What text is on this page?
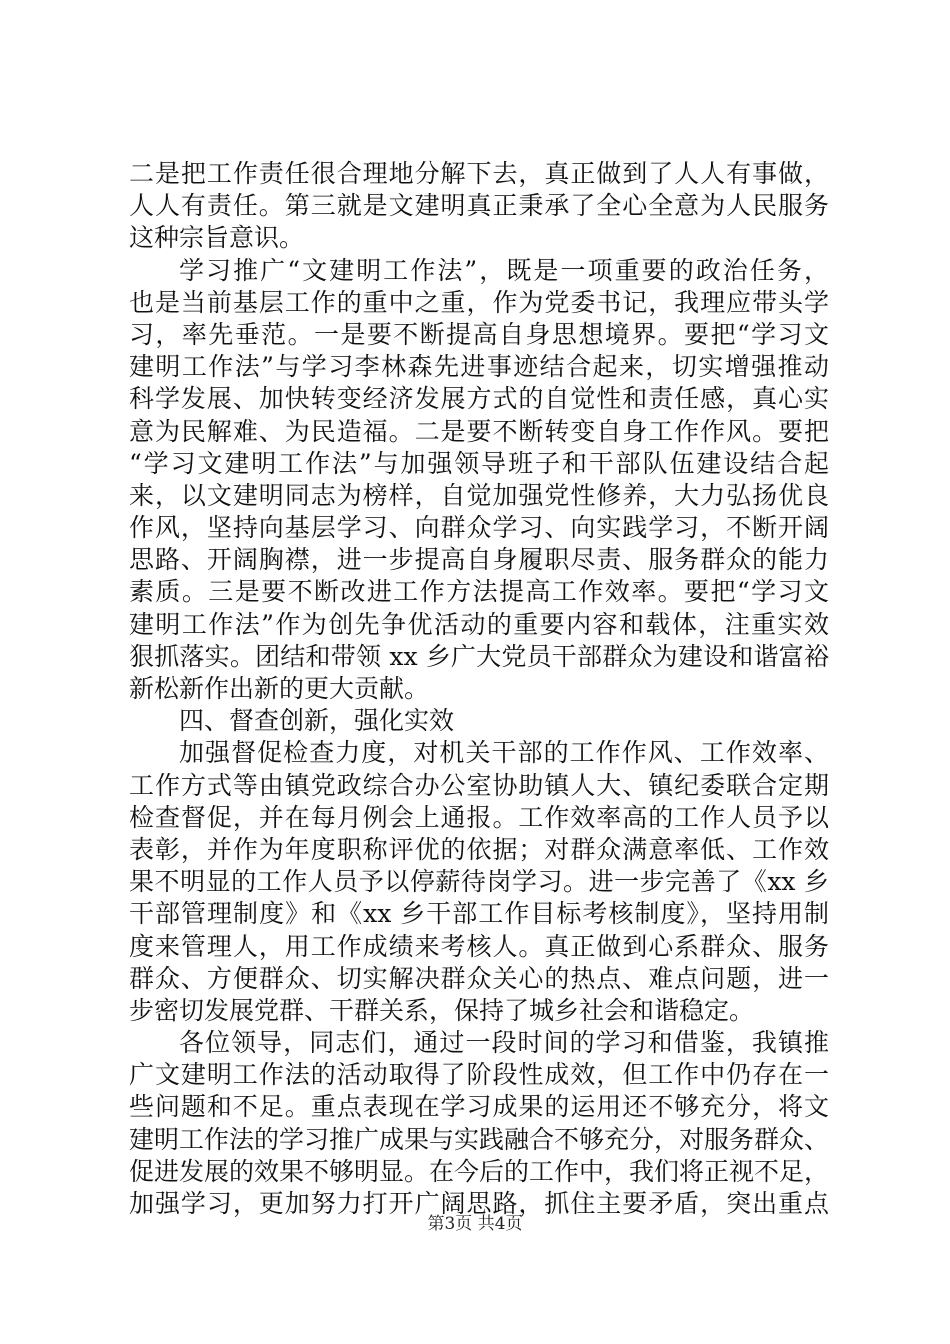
二是把工作责任很合理地分解下去，真正做到了人人有事做，
人人有责任。第三就是文建明真正秉承了全心全意为人民服务
这种宗旨意识。
学习推广“文建明工作法”，既是一项重要的政治任务，
也是当前基层工作的重中之重，作为党委书记，我理应带头学
习，率先垂范。一是要不断提高自身思想境界。要把“学习文
建明工作法”与学习李林森先进事迹结合起来，切实增强推动
科学发展、加快转变经济发展方式的自觉性和责任感，真心实
意为民解难、为民造福。二是要不断转变自身工作作风。要把
“学习文建明工作法”与加强领导班子和干部队伍建设结合起
来，以文建明同志为榜样，自觉加强党性修养，大力弘扬优良
作风，坚持向基层学习、向群众学习、向实践学习，不断开阔
思路、开阔胸襟，进一步提高自身履职尽责、服务群众的能力
素质。三是要不断改进工作方法提高工作效率。要把“学习文
建明工作法”作为创先争优活动的重要内容和载体，注重实效
狠抓落实。团结和带领 xx 乡广大党员干部群众为建设和谐富裕
新松新作出新的更大贡献。
四、督查创新，强化实效
加强督促检查力度，对机关干部的工作作风、工作效率、
工作方式等由镇党政综合办公室协助镇人大、镇纪委联合定期
检查督促，并在每月例会上通报。工作效率高的工作人员予以
表彰，并作为年度职称评优的依据；对群众满意率低、工作效
果不明显的工作人员予以停薪待岗学习。进一步完善了《xx 乡
干部管理制度》和《xx 乡干部工作目标考核制度》，坚持用制
度来管理人，用工作成绩来考核人。真正做到心系群众、服务
群众、方便群众、切实解决群众关心的热点、难点问题，进一
步密切发展党群、干群关系，保持了城乡社会和谐稳定。
各位领导，同志们，通过一段时间的学习和借鉴，我镇推
广文建明工作法的活动取得了阶段性成效，但工作中仍存在一
些问题和不足。重点表现在学习成果的运用还不够充分，将文
建明工作法的学习推广成果与实践融合不够充分，对服务群众、
促进发展的效果不够明显。在今后的工作中，我们将正视不足，
加强学习，更加努力打开广阔思路，抓住主要矛盾，突出重点
第3页 共4页
